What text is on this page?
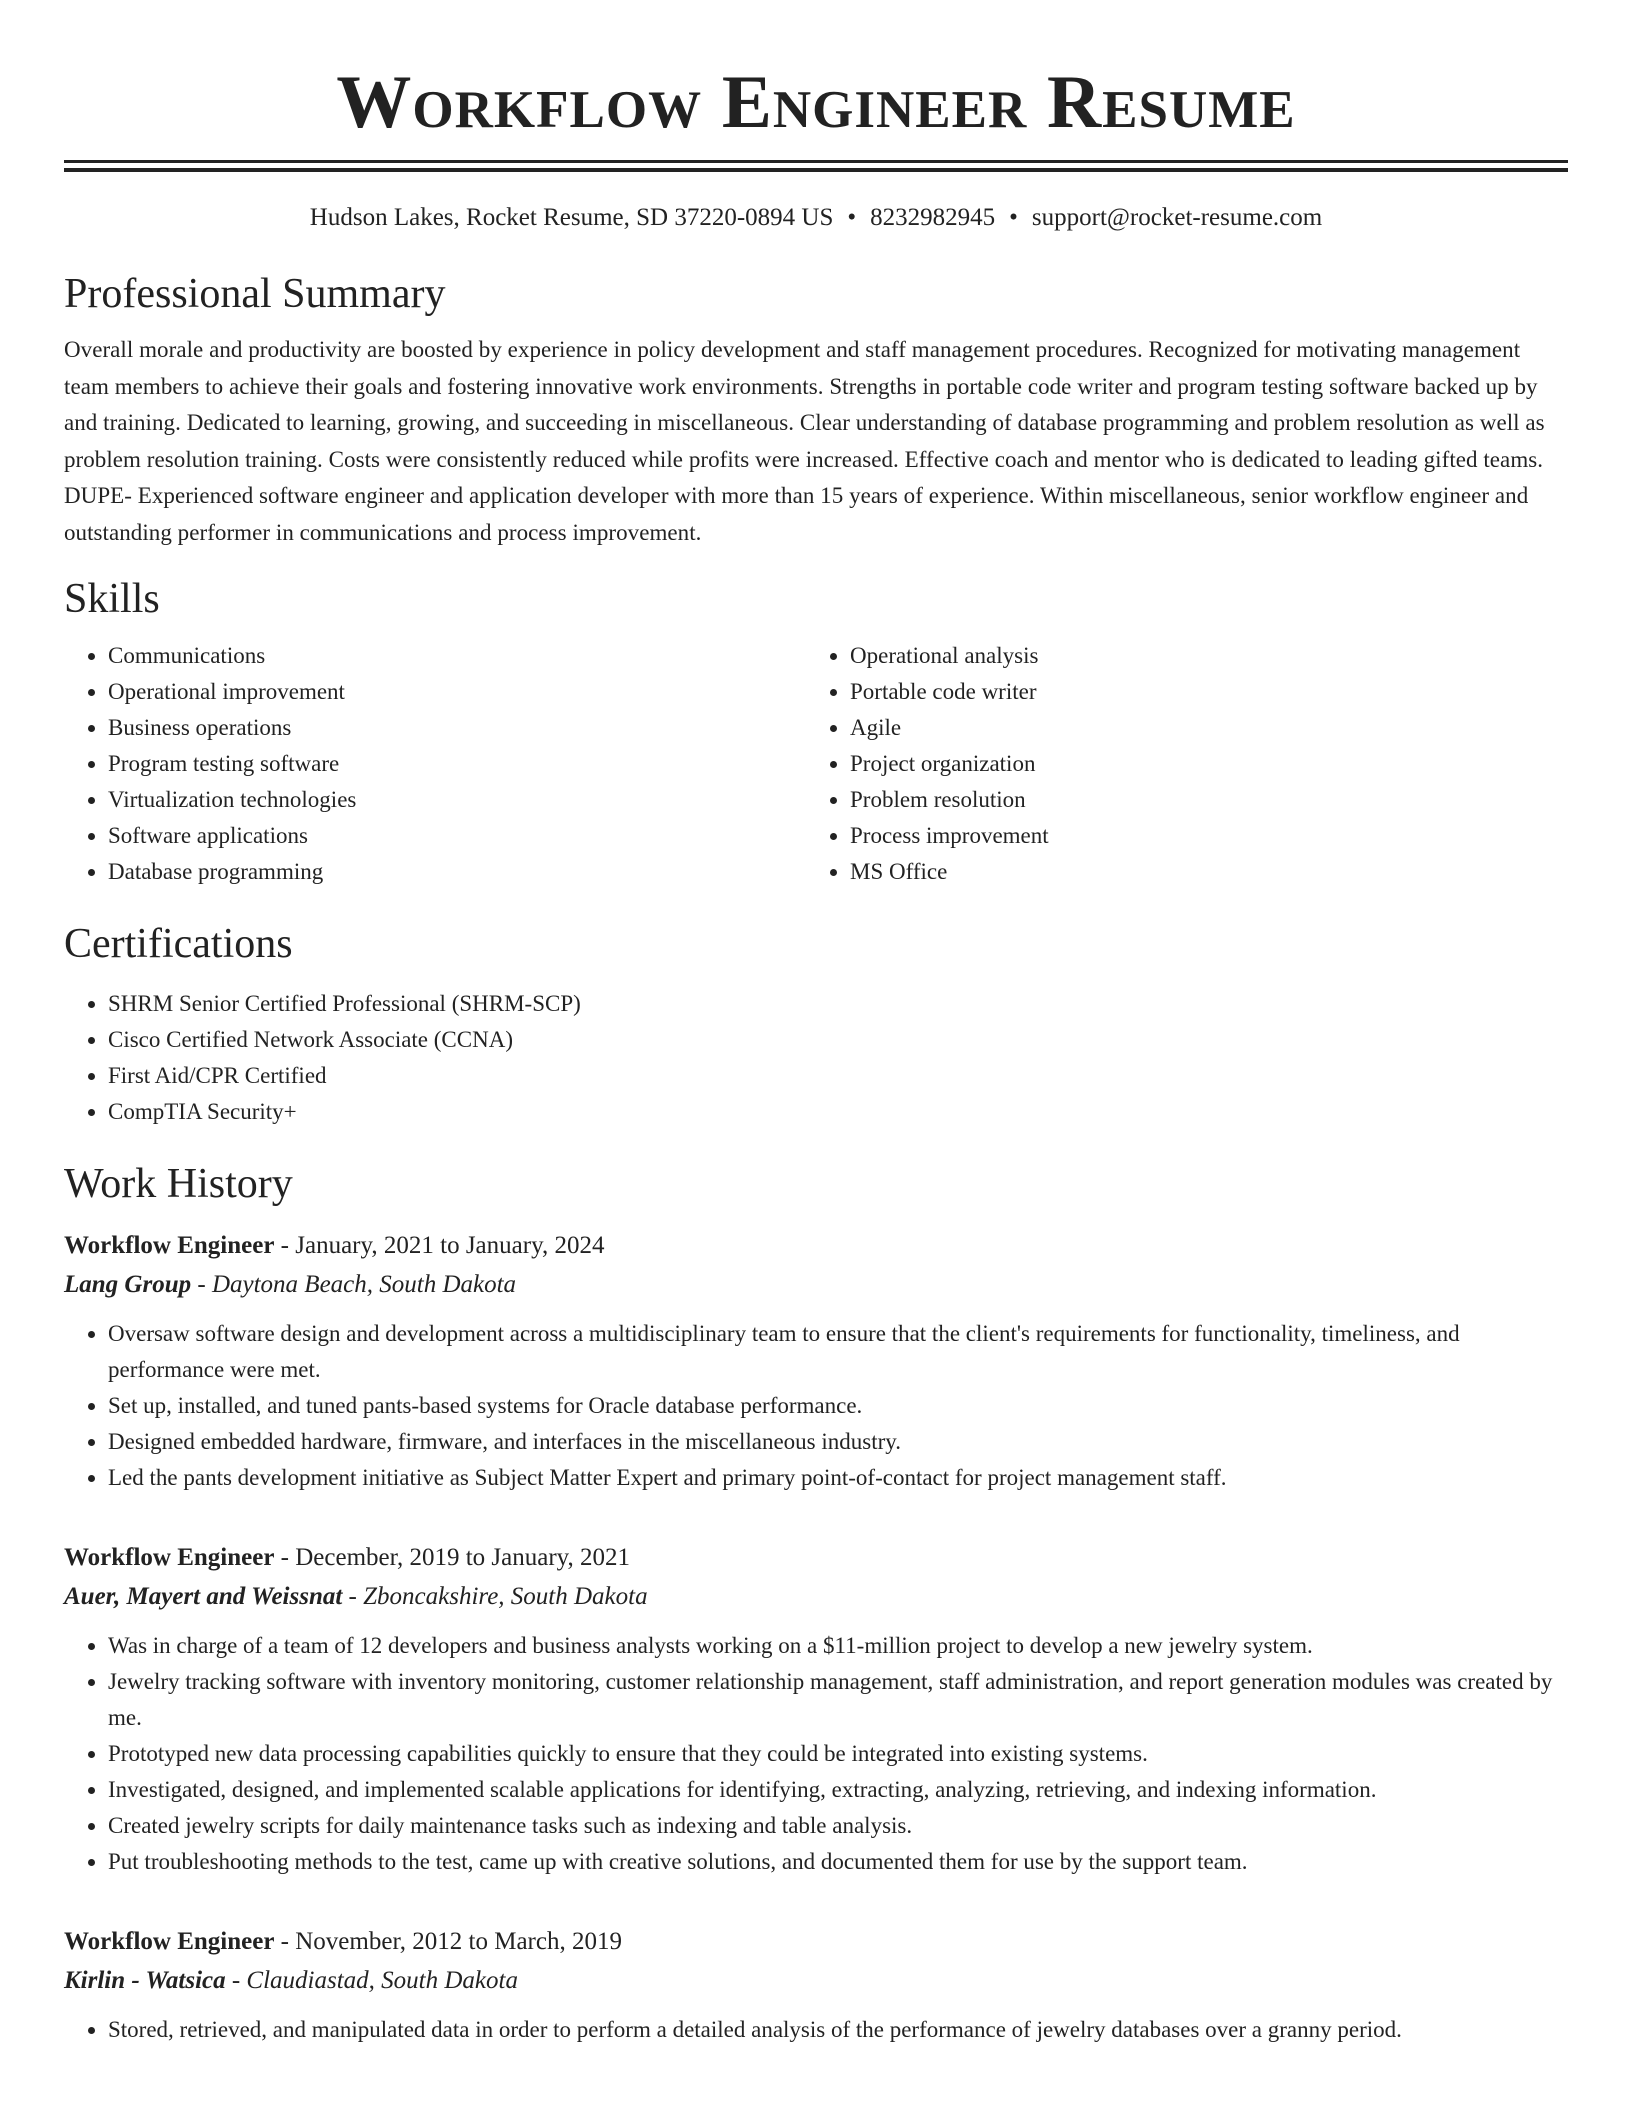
Workflow Engineer Resume
Hudson Lakes, Rocket Resume, SD 37220-0894 US • 8232982945 • support@rocket-resume.com
Professional Summary
Overall morale and productivity are boosted by experience in policy development and staff management procedures. Recognized for motivating management team members to achieve their goals and fostering innovative work environments. Strengths in portable code writer and program testing software backed up by and training. Dedicated to learning, growing, and succeeding in miscellaneous. Clear understanding of database programming and problem resolution as well as problem resolution training. Costs were consistently reduced while profits were increased. Effective coach and mentor who is dedicated to leading gifted teams. DUPE- Experienced software engineer and application developer with more than 15 years of experience. Within miscellaneous, senior workflow engineer and outstanding performer in communications and process improvement.
Skills
• Communications
• Operational improvement
• Business operations
• Program testing software
• Virtualization technologies
• Software applications
• Database programming
• Operational analysis
• Portable code writer
• Agile
• Project organization
• Problem resolution
• Process improvement
• MS Office
Certifications
• SHRM Senior Certified Professional (SHRM-SCP)
• Cisco Certified Network Associate (CCNA)
• First Aid/CPR Certified
• CompTIA Security+
Work History
Workflow Engineer - January, 2021 to January, 2024
Lang Group - Daytona Beach, South Dakota
• Oversaw software design and development across a multidisciplinary team to ensure that the client's requirements for functionality, timeliness, and performance were met.
• Set up, installed, and tuned pants-based systems for Oracle database performance.
• Designed embedded hardware, firmware, and interfaces in the miscellaneous industry.
• Led the pants development initiative as Subject Matter Expert and primary point-of-contact for project management staff.
Workflow Engineer - December, 2019 to January, 2021
Auer, Mayert and Weissnat - Zboncakshire, South Dakota
• Was in charge of a team of 12 developers and business analysts working on a $11-million project to develop a new jewelry system.
• Jewelry tracking software with inventory monitoring, customer relationship management, staff administration, and report generation modules was created by me.
• Prototyped new data processing capabilities quickly to ensure that they could be integrated into existing systems.
• Investigated, designed, and implemented scalable applications for identifying, extracting, analyzing, retrieving, and indexing information.
• Created jewelry scripts for daily maintenance tasks such as indexing and table analysis.
• Put troubleshooting methods to the test, came up with creative solutions, and documented them for use by the support team.
Workflow Engineer - November, 2012 to March, 2019
Kirlin - Watsica - Claudiastad, South Dakota
• Stored, retrieved, and manipulated data in order to perform a detailed analysis of the performance of jewelry databases over a granny period.
